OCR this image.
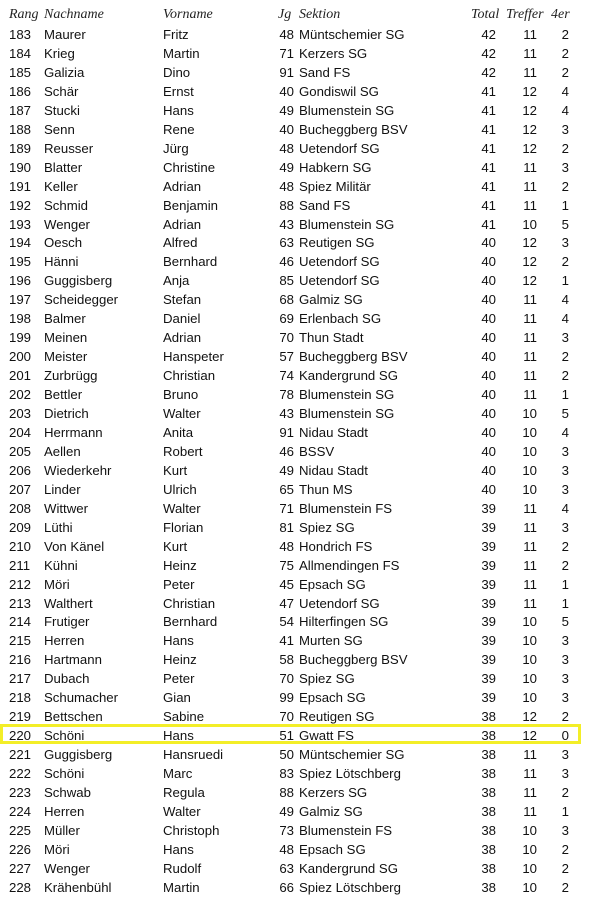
Rang Nachname	Vorname	Jg Sektion	Total Treffer 4er
183 Maurer	Fritz	48 Müntschemier SG	42	11	2
184 Krieg	Martin	71 Kerzers SG	42	11	2
185 Galizia	Dino	91 Sand FS	42	11	2
186 Schär	Ernst	40 Gondiswil SG	41	12	4
187 Stucki	Hans	49 Blumenstein SG	41	12	4
188 Senn	Rene	40 Bucheggberg BSV	41	12	3
189 Reusser	Jürg	48 Uetendorf SG	41	12	2
190 Blatter	Christine	49 Habkern SG	41	11	3
191 Keller	Adrian	48 Spiez Militär	41	11	2
192 Schmid	Benjamin	88 Sand FS	41	11	1
193 Wenger	Adrian	43 Blumenstein SG	41	10	5
194 Oesch	Alfred	63 Reutigen SG	40	12	3
195 Hänni	Bernhard	46 Uetendorf SG	40	12	2
196 Guggisberg	Anja	85 Uetendorf SG	40	12	1
197 Scheidegger	Stefan	68 Galmiz SG	40	11	4
198 Balmer	Daniel	69 Erlenbach SG	40	11	4
199 Meinen	Adrian	70 Thun Stadt	40	11	3
200 Meister	Hanspeter	57 Bucheggberg BSV	40	11	2
201 Zurbrügg	Christian	74 Kandergrund SG	40	11	2
202 Bettler	Bruno	78 Blumenstein SG	40	11	1
203 Dietrich	Walter	43 Blumenstein SG	40	10	5
204 Herrmann	Anita	91 Nidau Stadt	40	10	4
205 Aellen	Robert	46 BSSV	40	10	3
206 Wiederkehr	Kurt	49 Nidau Stadt	40	10	3
207 Linder	Ulrich	65 Thun MS	40	10	3
208 Wittwer	Walter	71 Blumenstein FS	39	11	4
209 Lüthi	Florian	81 Spiez SG	39	11	3
210 Von Känel	Kurt	48 Hondrich FS	39	11	2
211	Kühni	Heinz	75 Allmendingen FS	39	11	2
212 Möri	Peter	45 Epsach SG	39	11	1
213 Walthert	Christian	47 Uetendorf SG	39	11	1
214 Frutiger	Bernhard	54 Hilterfingen SG	39	10	5
215 Herren	Hans	41 Murten SG	39	10	3
216 Hartmann	Heinz	58 Bucheggberg BSV	39	10	3
217 Dubach	Peter	70 Spiez SG	39	10	3
218 Schumacher	Gian	99 Epsach SG	39	10	3
219 Bettschen	Sabine	70 Reutigen SG	38	12	2
220 Schöni	Hans	51 Gwatt FS	38	12	0
221 Guggisberg	Hansruedi	50 Müntschemier SG	38	11	3
222 Schöni	Marc	83 Spiez Lötschberg	38	11	3
223 Schwab	Regula	88 Kerzers SG	38	11	2
224 Herren	Walter	49 Galmiz SG	38	11	1
225 Müller	Christoph	73 Blumenstein FS	38	10	3
226 Möri	Hans	48 Epsach SG	38	10	2
227 Wenger	Rudolf	63 Kandergrund SG	38	10	2
228 Krähenbühl	Martin	66 Spiez Lötschberg	38	10	2
